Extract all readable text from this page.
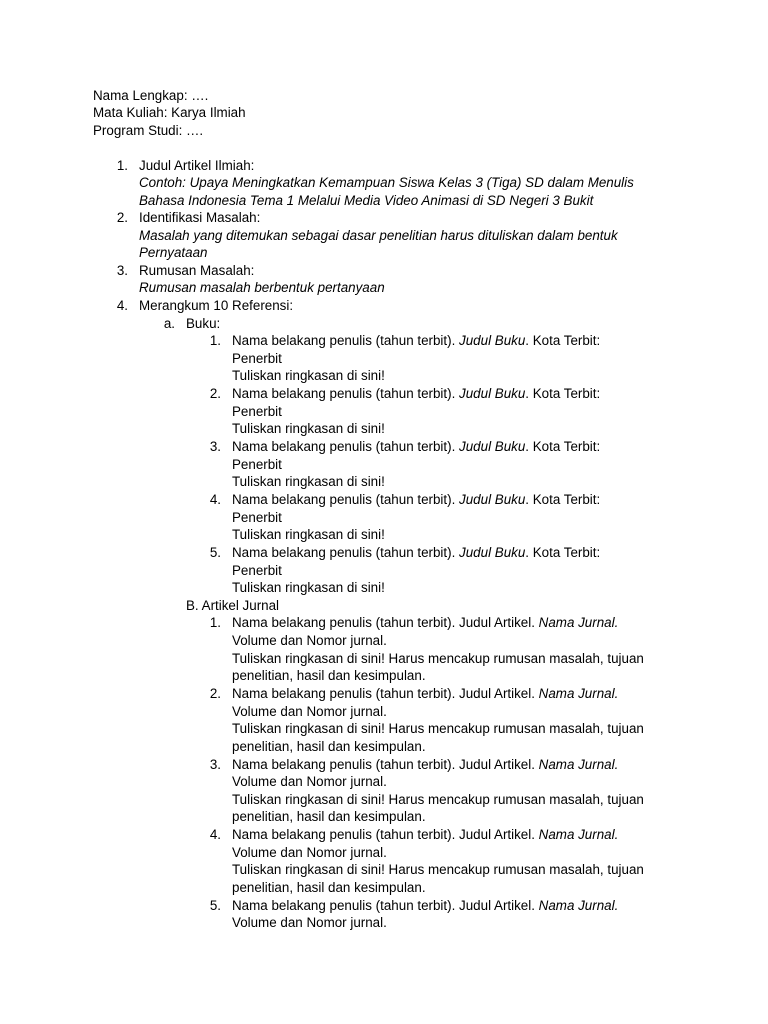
Nama Lengkap: ….
Mata Kuliah: Karya Ilmiah
Program Studi: ….
1. Judul Artikel Ilmiah:
Contoh: Upaya Meningkatkan Kemampuan Siswa Kelas 3 (Tiga) SD dalam Menulis
Bahasa Indonesia Tema 1 Melalui Media Video Animasi di SD Negeri 3 Bukit
2. Identifikasi Masalah:
Masalah yang ditemukan sebagai dasar penelitian harus dituliskan dalam bentuk
Pernyataan
3. Rumusan Masalah:
Rumusan masalah berbentuk pertanyaan
4. Merangkum 10 Referensi:
a. Buku:
1. Nama belakang penulis (tahun terbit). Judul Buku. Kota Terbit:
Penerbit
Tuliskan ringkasan di sini!
2. Nama belakang penulis (tahun terbit). Judul Buku. Kota Terbit:
Penerbit
Tuliskan ringkasan di sini!
3. Nama belakang penulis (tahun terbit). Judul Buku. Kota Terbit:
Penerbit
Tuliskan ringkasan di sini!
4. Nama belakang penulis (tahun terbit). Judul Buku. Kota Terbit:
Penerbit
Tuliskan ringkasan di sini!
5. Nama belakang penulis (tahun terbit). Judul Buku. Kota Terbit:
Penerbit
Tuliskan ringkasan di sini!
B. Artikel Jurnal
1. Nama belakang penulis (tahun terbit). Judul Artikel. Nama Jurnal.
Volume dan Nomor jurnal.
Tuliskan ringkasan di sini! Harus mencakup rumusan masalah, tujuan
penelitian, hasil dan kesimpulan.
2. Nama belakang penulis (tahun terbit). Judul Artikel. Nama Jurnal.
Volume dan Nomor jurnal.
Tuliskan ringkasan di sini! Harus mencakup rumusan masalah, tujuan
penelitian, hasil dan kesimpulan.
3. Nama belakang penulis (tahun terbit). Judul Artikel. Nama Jurnal.
Volume dan Nomor jurnal.
Tuliskan ringkasan di sini! Harus mencakup rumusan masalah, tujuan
penelitian, hasil dan kesimpulan.
4. Nama belakang penulis (tahun terbit). Judul Artikel. Nama Jurnal.
Volume dan Nomor jurnal.
Tuliskan ringkasan di sini! Harus mencakup rumusan masalah, tujuan
penelitian, hasil dan kesimpulan.
5. Nama belakang penulis (tahun terbit). Judul Artikel. Nama Jurnal.
Volume dan Nomor jurnal.
